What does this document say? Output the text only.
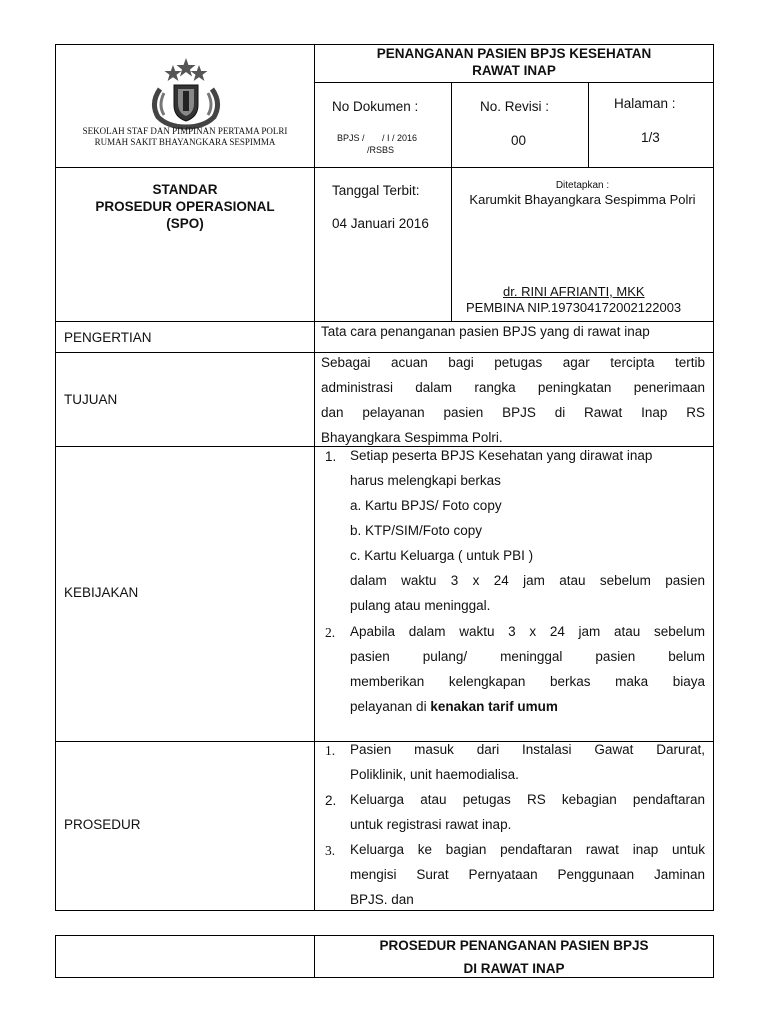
SEKOLAH STAF DAN PIMPINAN PERTAMA POLRI
RUMAH SAKIT BHAYANGKARA SESPIMMA
PENANGANAN PASIEN BPJS KESEHATAN
RAWAT INAP
No Dokumen :
BPJS /       / I / 2016
/RSBS
No. Revisi :
00
Halaman :
1/3
STANDAR
PROSEDUR OPERASIONAL
(SPO)
Tanggal Terbit:
04 Januari 2016
Ditetapkan :
Karumkit Bhayangkara Sespimma Polri
dr. RINI AFRIANTI, MKK
PEMBINA NIP.197304172002122003
PENGERTIAN	Tata cara penanganan pasien BPJS yang di rawat inap
TUJUAN
Sebagai acuan bagi petugas agar tercipta tertib
administrasi dalam rangka peningkatan penerimaan
dan pelayanan pasien BPJS di Rawat Inap RS
Bhayangkara Sespimma Polri.
KEBIJAKAN
1. Setiap peserta BPJS Kesehatan yang dirawat inap
harus melengkapi berkas
a. Kartu BPJS/ Foto copy
b. KTP/SIM/Foto copy
c. Kartu Keluarga ( untuk PBI )
dalam waktu 3 x 24 jam atau sebelum pasien
pulang atau meninggal.
2. Apabila dalam waktu 3 x 24 jam atau sebelum
pasien pulang/ meninggal pasien belum
memberikan kelengkapan berkas maka biaya
pelayanan di kenakan tarif umum
PROSEDUR
1. Pasien masuk dari Instalasi Gawat Darurat,
Poliklinik, unit haemodialisa.
2. Keluarga atau petugas RS kebagian pendaftaran
untuk registrasi rawat inap.
3. Keluarga ke bagian pendaftaran rawat inap untuk
mengisi Surat Pernyataan Penggunaan Jaminan
BPJS. dan
PROSEDUR PENANGANAN PASIEN BPJS
DI RAWAT INAP
